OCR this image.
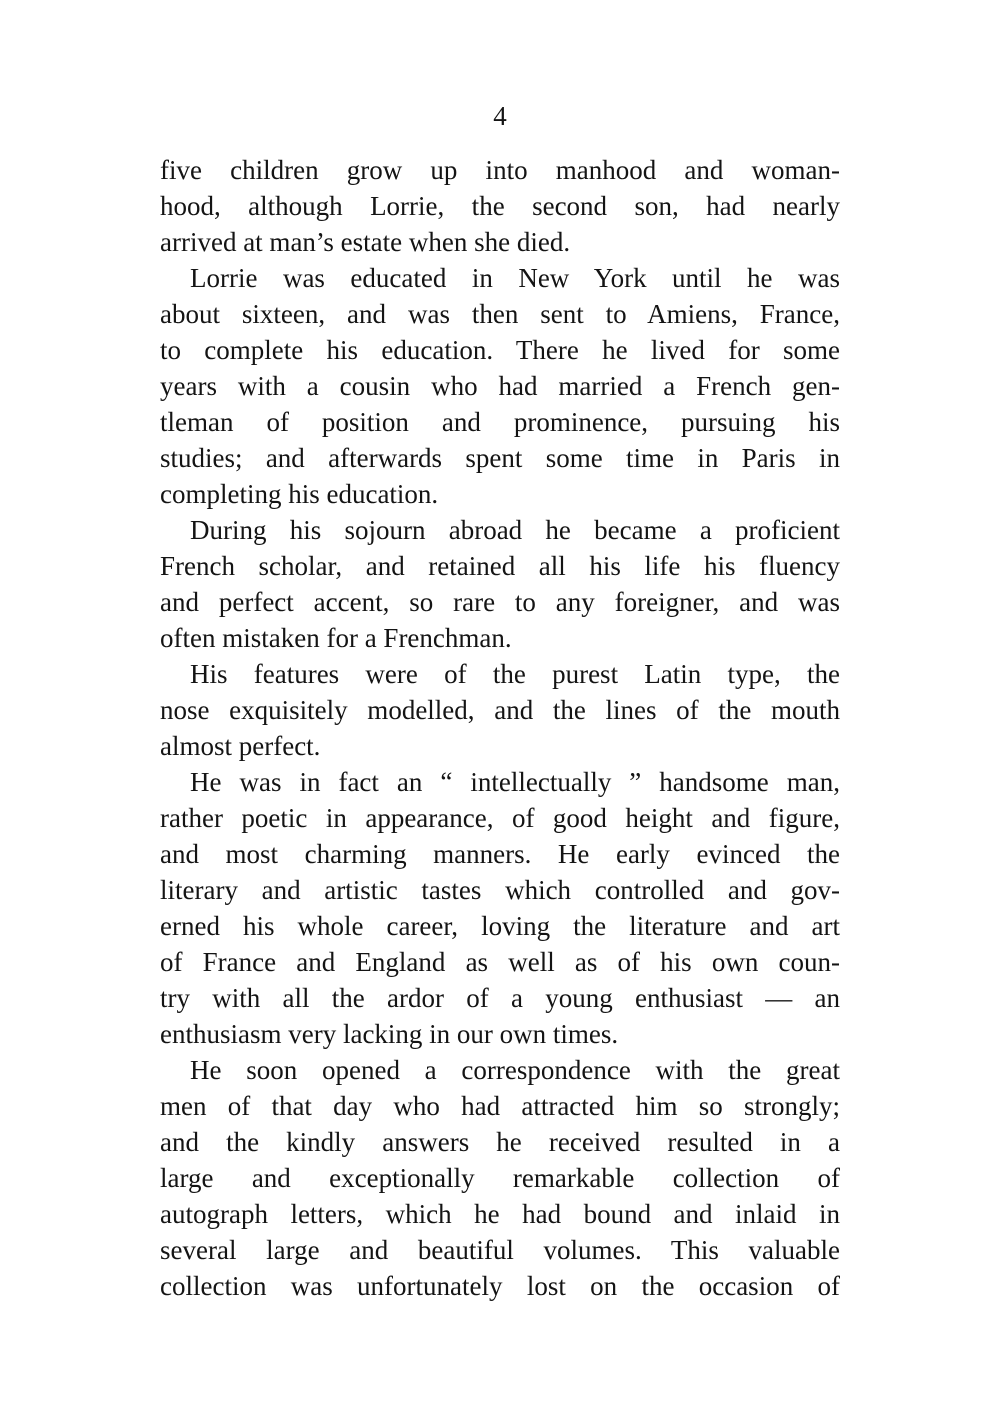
4

five children grow up into manhood and woman-
hood, although Lorrie, the second son, had nearly
arrived at man’s estate when she died.

Lorrie was educated in New York until he was
about sixteen, and was then sent to Amiens, France,
to complete his education. There he lived for some
years with a cousin who had married a French gen-
tleman of position and prominence, pursuing his
studies; and afterwards spent some time in Paris in
completing his education.

During his sojourn abroad he became a proficient
French scholar, and retained all his life his fluency
and perfect accent, so rare to any foreigner, and was
often mistaken for a Frenchman.

His features were of the purest Latin type, the
nose exquisitely modelled, and the lines of the mouth
almost perfect.

He was in fact an “ intellectually ” handsome man,
rather poetic in appearance, of good height and figure,
and most charming manners. He early evinced the
literary and artistic tastes which controlled and gov-
erned his whole career, loving the literature and art
of France and England as well as of his own coun-
try with all the ardor of a young enthusiast — an
enthusiasm very lacking in our own times.

He soon opened a correspondence with the great
men of that day who had attracted him so strongly;
and the kindly answers he received resulted in a
large and exceptionally remarkable collection of
autograph letters, which he had bound and inlaid in
several large and beautiful volumes. This valuable
collection was unfortunately lost on the occasion of
